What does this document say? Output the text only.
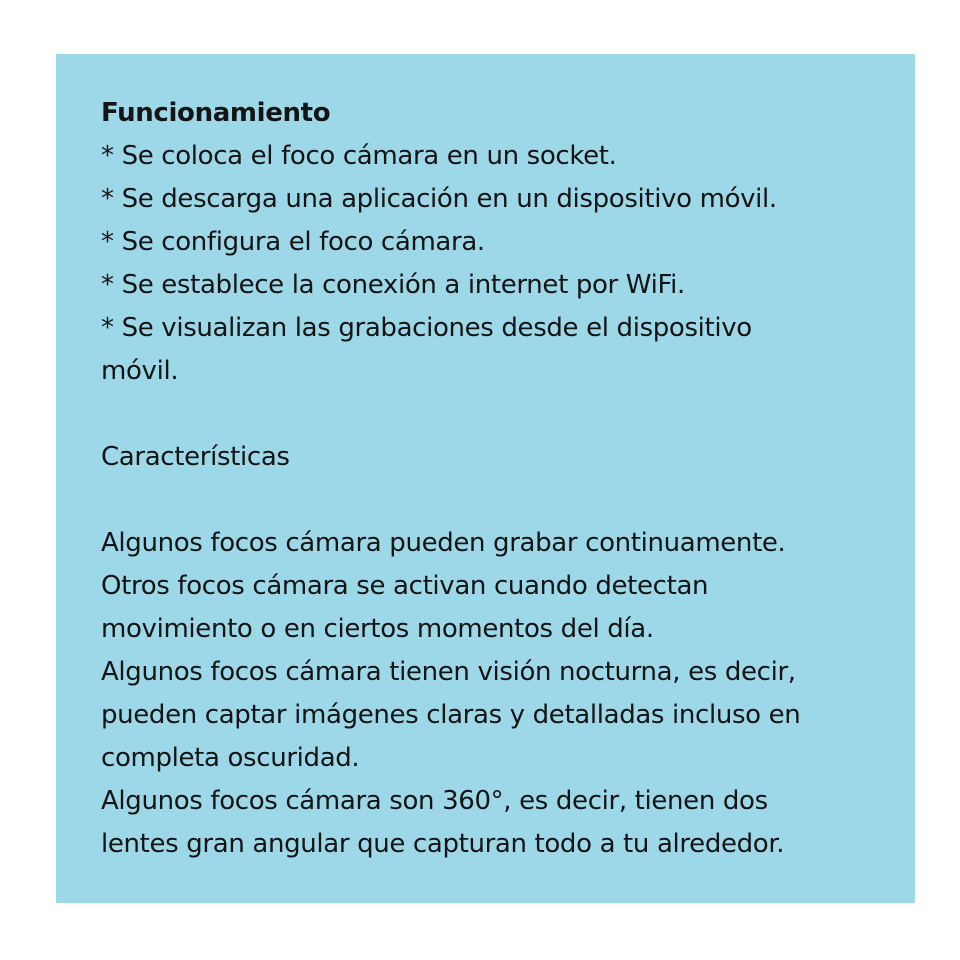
Funcionamiento
* Se coloca el foco cámara en un socket.
* Se descarga una aplicación en un dispositivo móvil.
* Se configura el foco cámara.
* Se establece la conexión a internet por WiFi.
* Se visualizan las grabaciones desde el dispositivo
móvil.
Características
Algunos focos cámara pueden grabar continuamente.
Otros focos cámara se activan cuando detectan
movimiento o en ciertos momentos del día.
Algunos focos cámara tienen visión nocturna, es decir,
pueden captar imágenes claras y detalladas incluso en
completa oscuridad.
Algunos focos cámara son 360°, es decir, tienen dos
lentes gran angular que capturan todo a tu alrededor.
